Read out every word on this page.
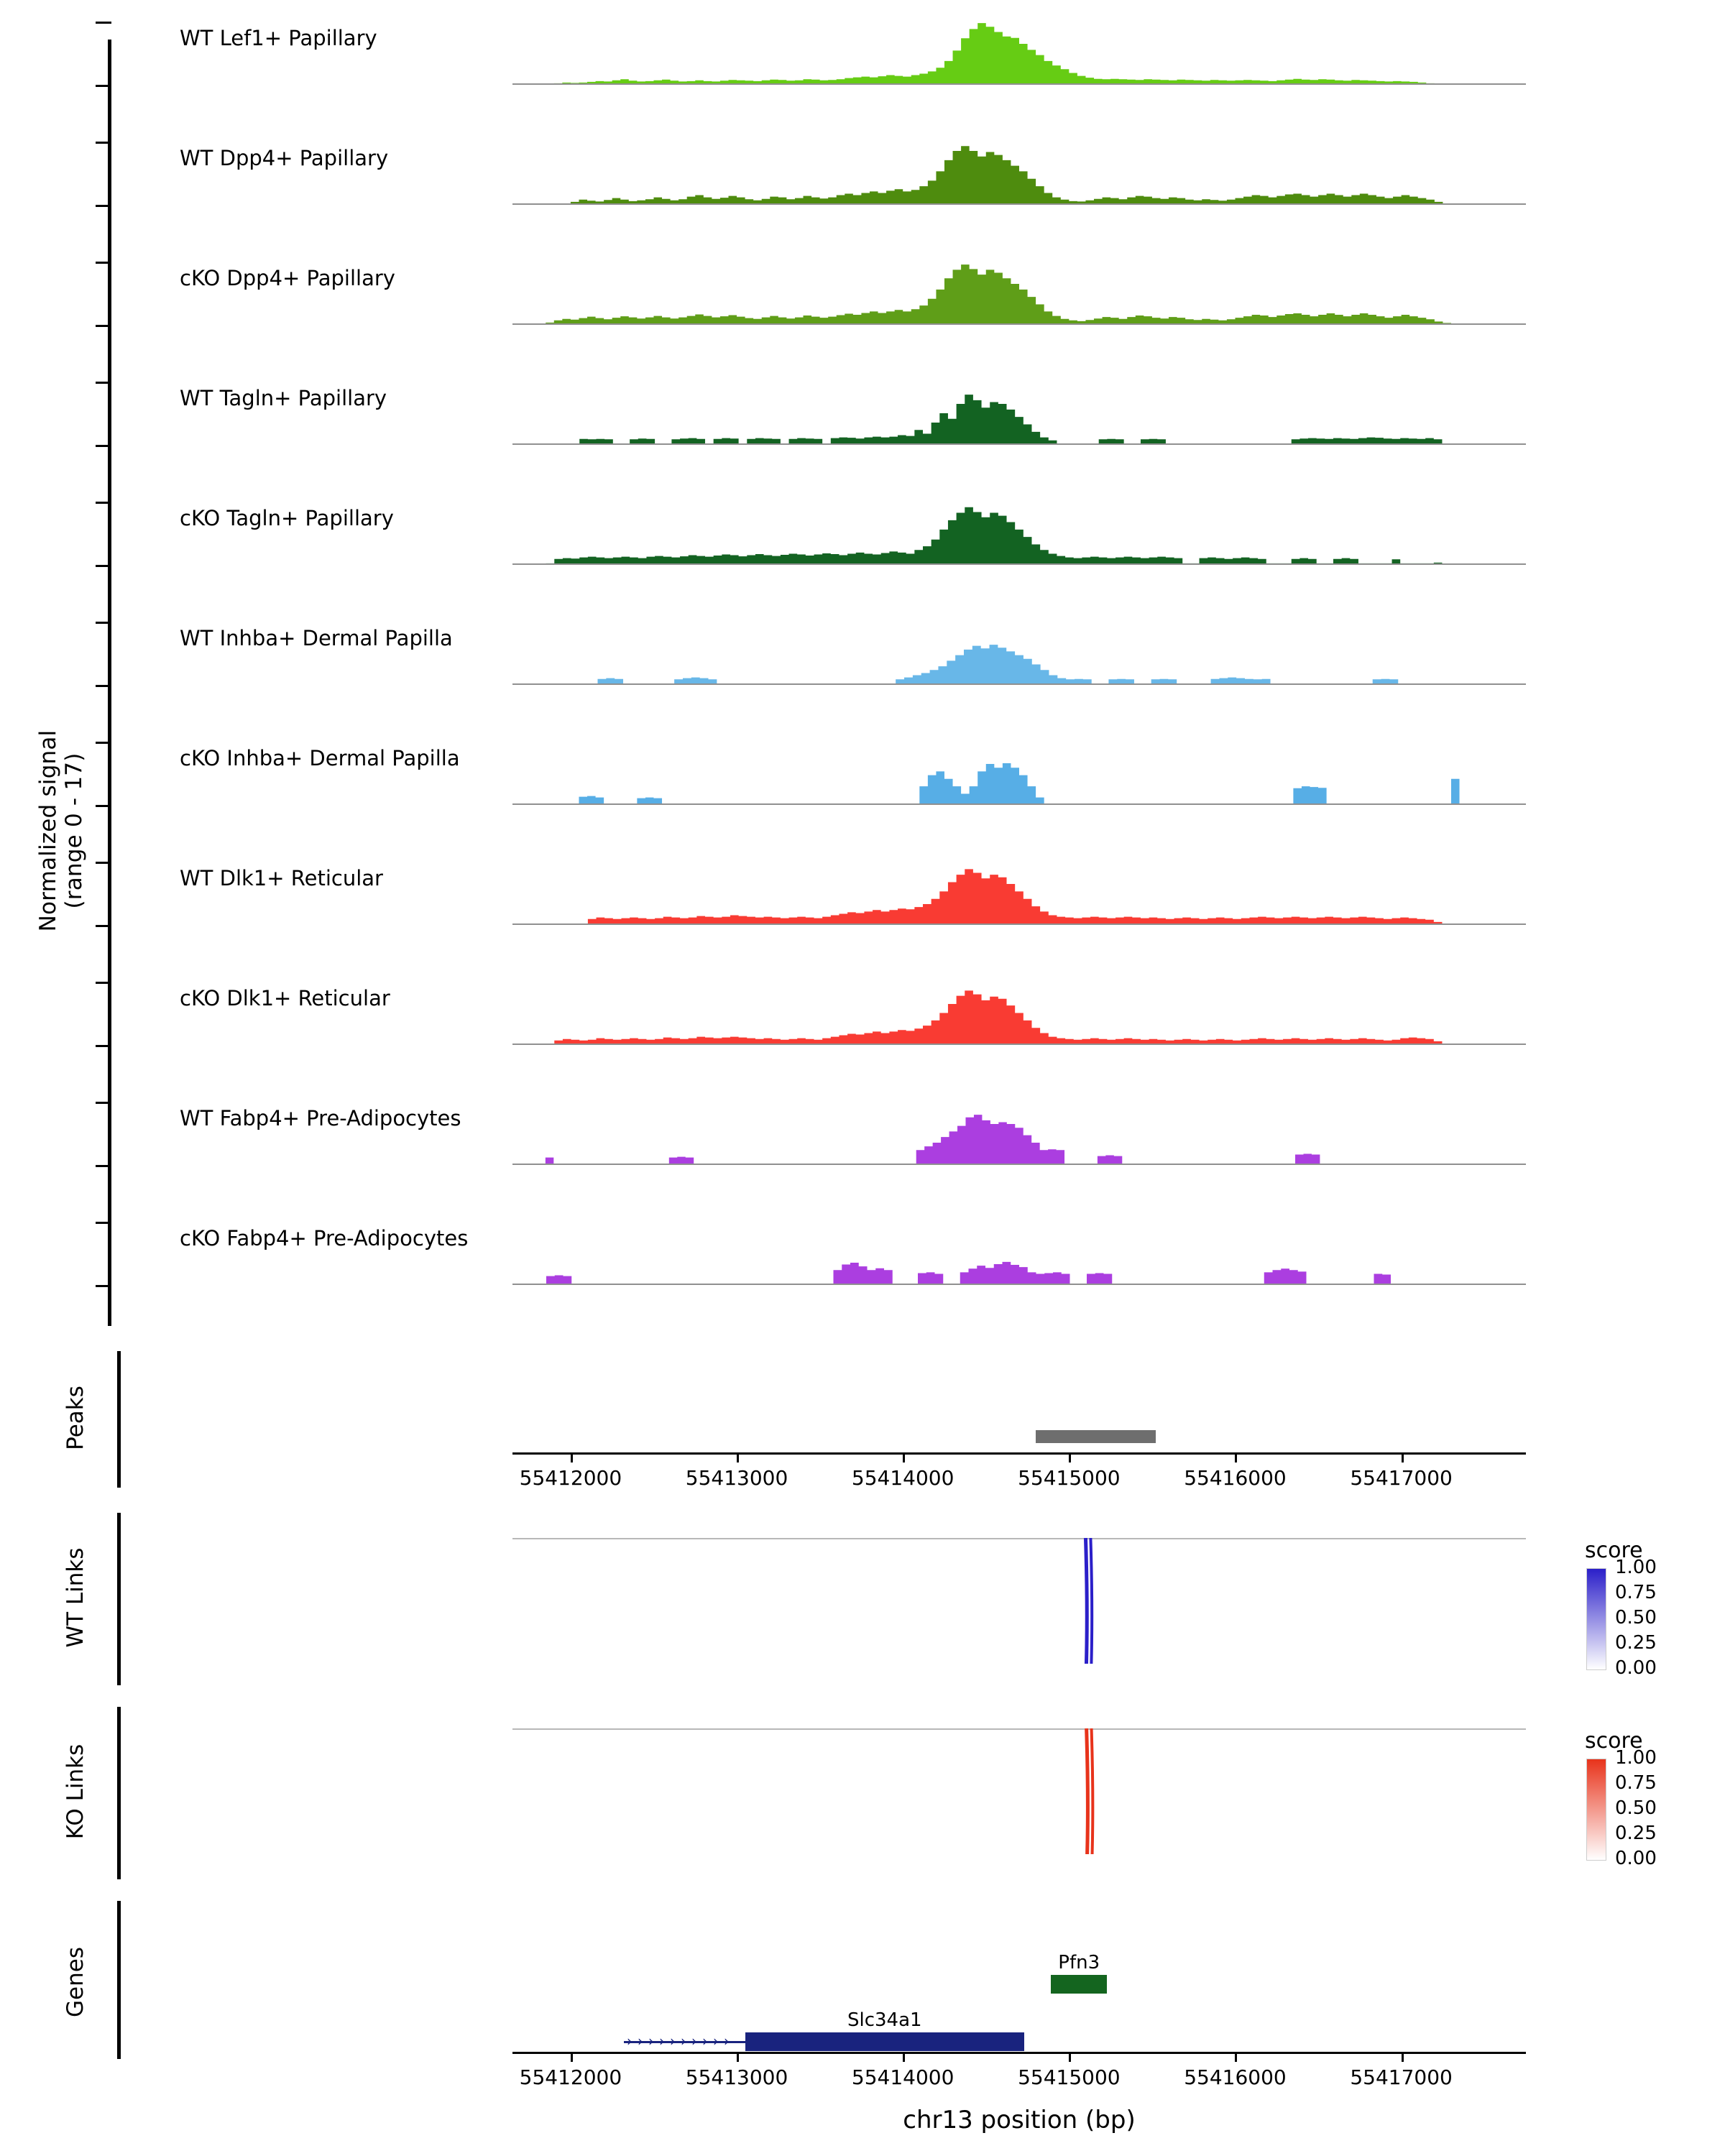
Normalized signal
(range 0 - 17)
WT Lef1+ Papillary
WT Dpp4+ Papillary
cKO Dpp4+ Papillary
WT Tagln+ Papillary
cKO Tagln+ Papillary
WT Inhba+ Dermal Papilla
cKO Inhba+ Dermal Papilla
WT Dlk1+ Reticular
cKO Dlk1+ Reticular
WT Fabp4+ Pre-Adipocytes
cKO Fabp4+ Pre-Adipocytes
Peaks
55412000	55413000	55414000	55415000	55416000	55417000
WT Links	score
1.00
0.75
0.50
0.25
0.00
KO Links
score
1.00
0.75
0.50
0.25
0.00
Genes	Pfn3
Slc34a1
››››››››››
55412000	55413000	55414000	55415000	55416000	55417000
chr13 position (bp)
